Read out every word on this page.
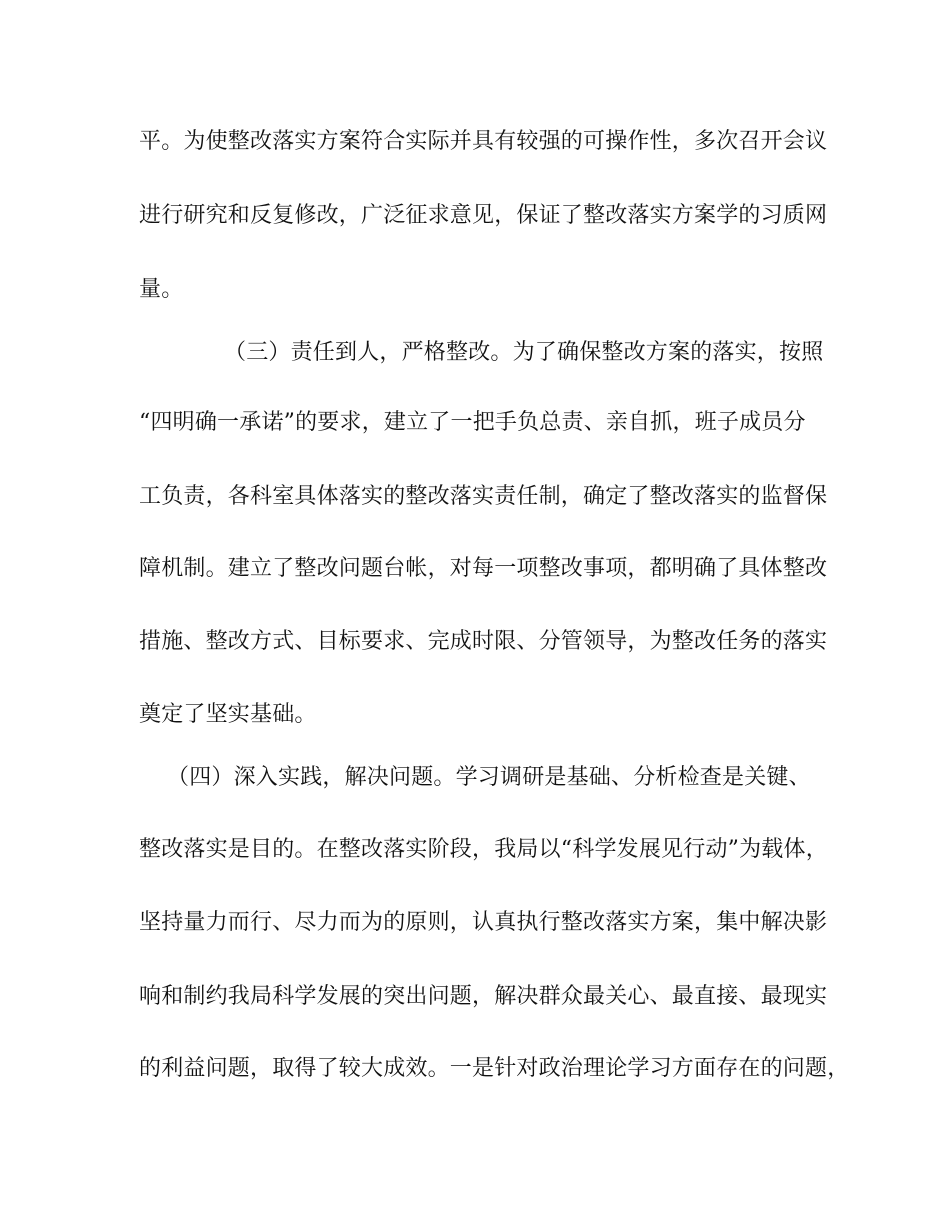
平。为使整改落实方案符合实际并具有较强的可操作性，多次召开会议
进行研究和反复修改，广泛征求意见，保证了整改落实方案学的习质网
量。
（三）责任到人，严格整改。为了确保整改方案的落实，按照
“四明确一承诺”的要求，建立了一把手负总责、亲自抓，班子成员分
工负责，各科室具体落实的整改落实责任制，确定了整改落实的监督保
障机制。建立了整改问题台帐，对每一项整改事项，都明确了具体整改
措施、整改方式、目标要求、完成时限、分管领导，为整改任务的落实
奠定了坚实基础。
（四）深入实践，解决问题。学习调研是基础、分析检查是关键、
整改落实是目的。在整改落实阶段，我局以“科学发展见行动”为载体，
坚持量力而行、尽力而为的原则，认真执行整改落实方案，集中解决影
响和制约我局科学发展的突出问题，解决群众最关心、最直接、最现实
的利益问题，取得了较大成效。一是针对政治理论学习方面存在的问题，
